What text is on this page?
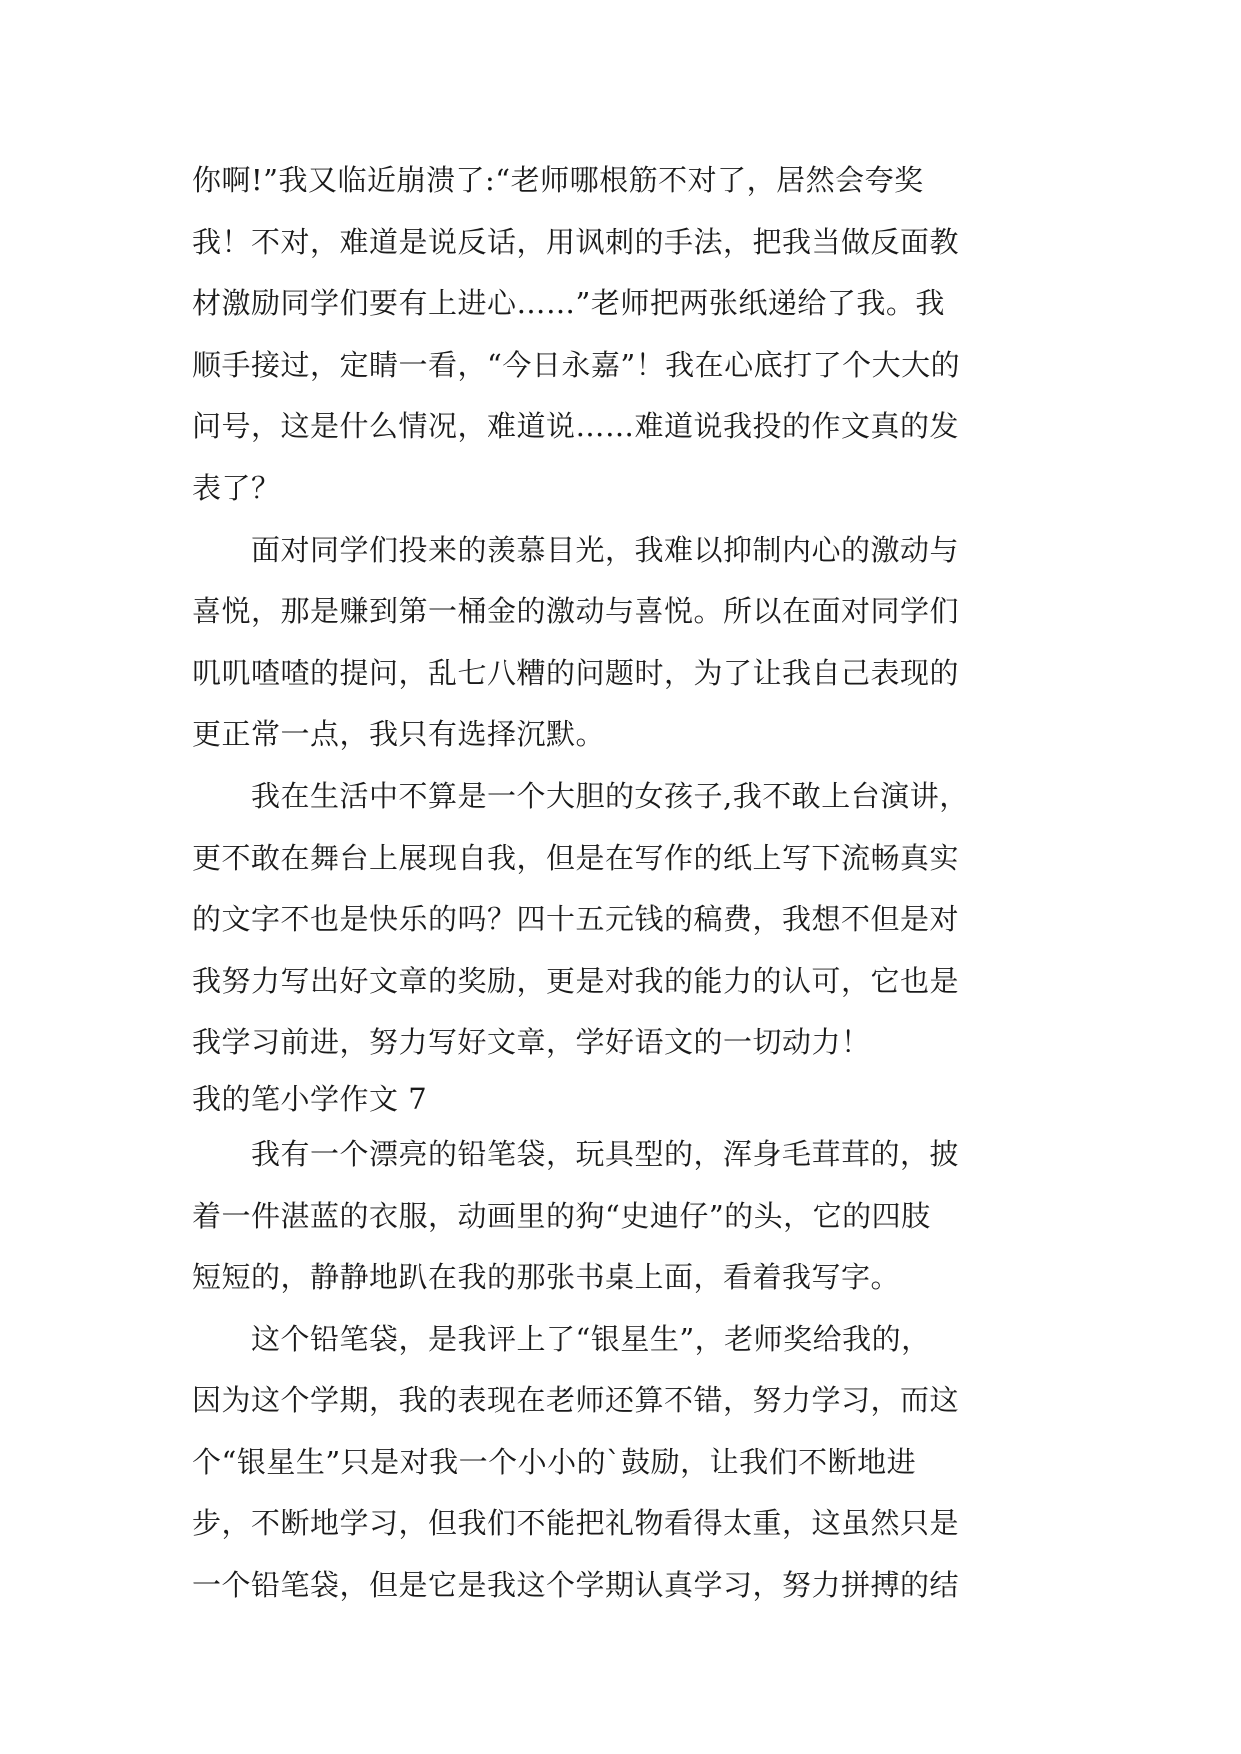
你啊!”我又临近崩溃了:“老师哪根筋不对了，居然会夸奖
我！不对，难道是说反话，用讽刺的手法，把我当做反面教
材激励同学们要有上进心……”老师把两张纸递给了我。我
顺手接过，定睛一看，“今日永嘉”！我在心底打了个大大的
问号，这是什么情况，难道说……难道说我投的作文真的发
表了？
　　面对同学们投来的羡慕目光，我难以抑制内心的激动与
喜悦，那是赚到第一桶金的激动与喜悦。所以在面对同学们
叽叽喳喳的提问，乱七八糟的问题时，为了让我自己表现的
更正常一点，我只有选择沉默。
　　我在生活中不算是一个大胆的女孩子,我不敢上台演讲，
更不敢在舞台上展现自我，但是在写作的纸上写下流畅真实
的文字不也是快乐的吗？四十五元钱的稿费，我想不但是对
我努力写出好文章的奖励，更是对我的能力的认可，它也是
我学习前进，努力写好文章，学好语文的一切动力！
我的笔小学作文 7
　　我有一个漂亮的铅笔袋，玩具型的，浑身毛茸茸的，披
着一件湛蓝的衣服，动画里的狗“史迪仔”的头，它的四肢
短短的，静静地趴在我的那张书桌上面，看着我写字。
　　这个铅笔袋，是我评上了“银星生”，老师奖给我的，
因为这个学期，我的表现在老师还算不错，努力学习，而这
个“银星生”只是对我一个小小的`鼓励，让我们不断地进
步，不断地学习，但我们不能把礼物看得太重，这虽然只是
一个铅笔袋，但是它是我这个学期认真学习，努力拼搏的结
